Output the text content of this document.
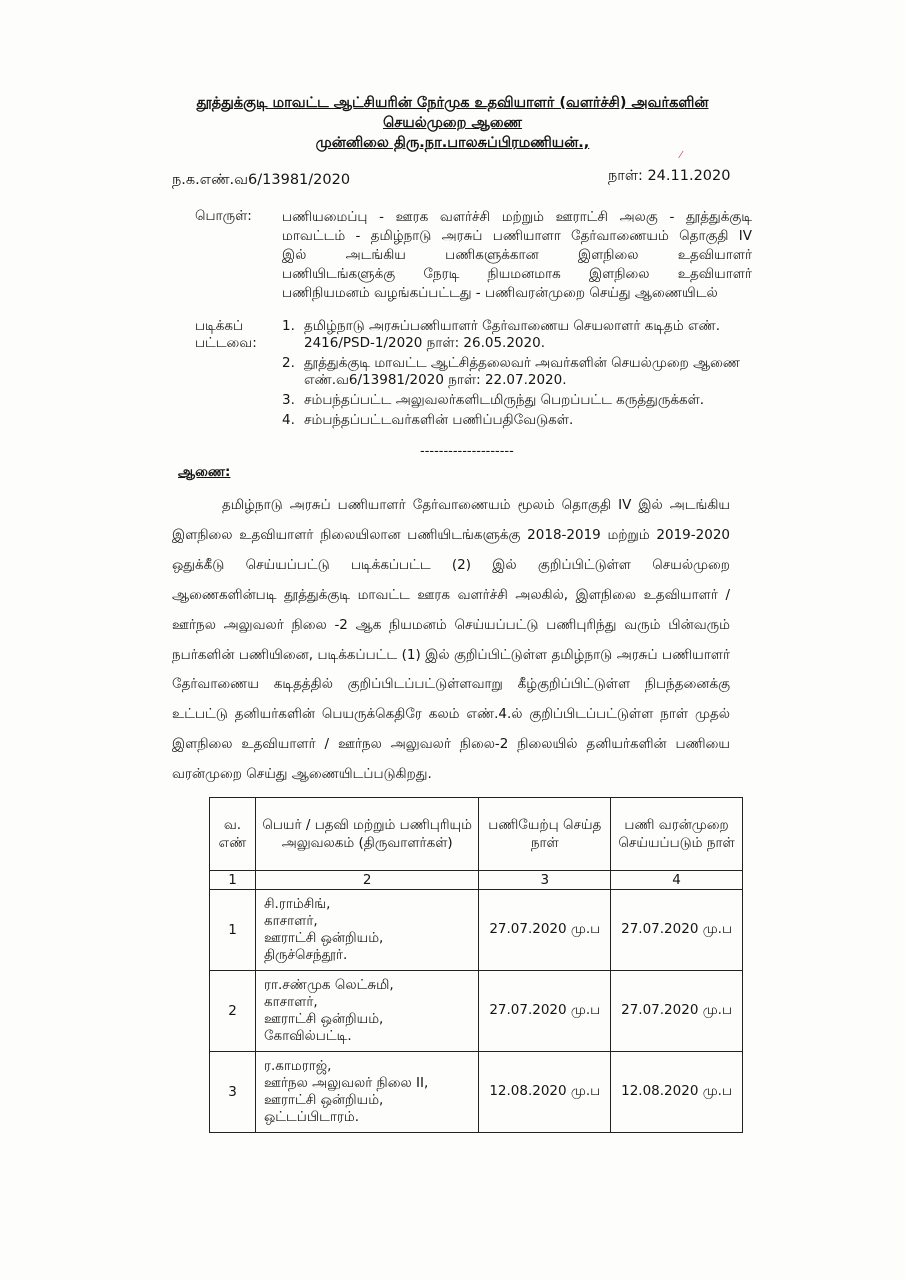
தூத்துக்குடி மாவட்ட ஆட்சியரின் நேர்முக உதவியாளர் (வளர்ச்சி) அவர்களின்
செயல்முறை ஆணை
முன்னிலை திரு.நா.பாலசுப்பிரமணியன்.,
⁄
ந.க.எண்.வ6/13981/2020	நாள்: 24.11.2020
பொருள்: பணியமைப்பு - ஊரக வளர்ச்சி மற்றும் ஊராட்சி அலகு - தூத்துக்குடி
மாவட்டம் - தமிழ்நாடு அரசுப் பணியாளா தேர்வாணையம் தொகுதி IV
இல் அடங்கிய பணிகளுக்கான இளநிலை உதவியாளர்
பணியிடங்களுக்கு நேரடி நியமனமாக இளநிலை உதவியாளர்
பணிநியமனம் வழங்கப்பட்டது - பணிவரன்முறை செய்து ஆணையிடல்
படிக்கப்
பட்டவை:
1. தமிழ்நாடு அரசுப்பணியாளர் தேர்வாணைய செயலாளர் கடிதம் எண். 2416/PSD-1/2020 நாள்: 26.05.2020.
2. தூத்துக்குடி மாவட்ட ஆட்சித்தலைவர் அவர்களின் செயல்முறை ஆணை எண்.வ6/13981/2020 நாள்: 22.07.2020.
3. சம்பந்தப்பட்ட அலுவலர்களிடமிருந்து பெறப்பட்ட கருத்துருக்கள்.
4. சம்பந்தப்பட்டவர்களின் பணிப்பதிவேடுகள்.
--------------------
ஆணை:
தமிழ்நாடு அரசுப் பணியாளர் தேர்வாணையம் மூலம் தொகுதி IV இல் அடங்கிய இளநிலை உதவியாளர் நிலையிலான பணியிடங்களுக்கு 2018-2019 மற்றும் 2019-2020 ஒதுக்கீடு செய்யப்பட்டு படிக்கப்பட்ட (2) இல் குறிப்பிட்டுள்ள செயல்முறை ஆணைகளின்படி தூத்துக்குடி மாவட்ட ஊரக வளர்ச்சி அலகில், இளநிலை உதவியாளர் / ஊர்நல அலுவலர் நிலை -2 ஆக நியமனம் செய்யப்பட்டு பணிபுரிந்து வரும் பின்வரும் நபர்களின் பணியினை, படிக்கப்பட்ட (1) இல் குறிப்பிட்டுள்ள தமிழ்நாடு அரசுப் பணியாளர் தேர்வாணைய கடிதத்தில் குறிப்பிடப்பட்டுள்ளவாறு கீழ்குறிப்பிட்டுள்ள நிபந்தனைக்கு உட்பட்டு தனியர்களின் பெயருக்கெதிரே கலம் எண்.4.ல் குறிப்பிடப்பட்டுள்ள நாள் முதல் இளநிலை உதவியாளர் / ஊர்நல அலுவலர் நிலை-2 நிலையில் தனியர்களின் பணியை வரன்முறை செய்து ஆணையிடப்படுகிறது.
வ. எண்	பெயர் / பதவி மற்றும் பணிபுரியும் அலுவலகம் (திருவாளர்கள்)	பணியேற்பு செய்த நாள்	பணி வரன்முறை செய்யப்படும் நாள்
1	2	3	4
1	சி.ராம்சிங்,
காசாளர்,
ஊராட்சி ஒன்றியம்,
திருச்செந்தூர்.	27.07.2020 மு.ப	27.07.2020 மு.ப
2	ரா.சண்முக லெட்சுமி,
காசாளர்,
ஊராட்சி ஒன்றியம்,
கோவில்பட்டி.	27.07.2020 மு.ப	27.07.2020 மு.ப
3	ர.காமராஜ்,
ஊர்நல அலுவலர் நிலை II,
ஊராட்சி ஒன்றியம்,
ஒட்டப்பிடாரம்.	12.08.2020 மு.ப	12.08.2020 மு.ப
